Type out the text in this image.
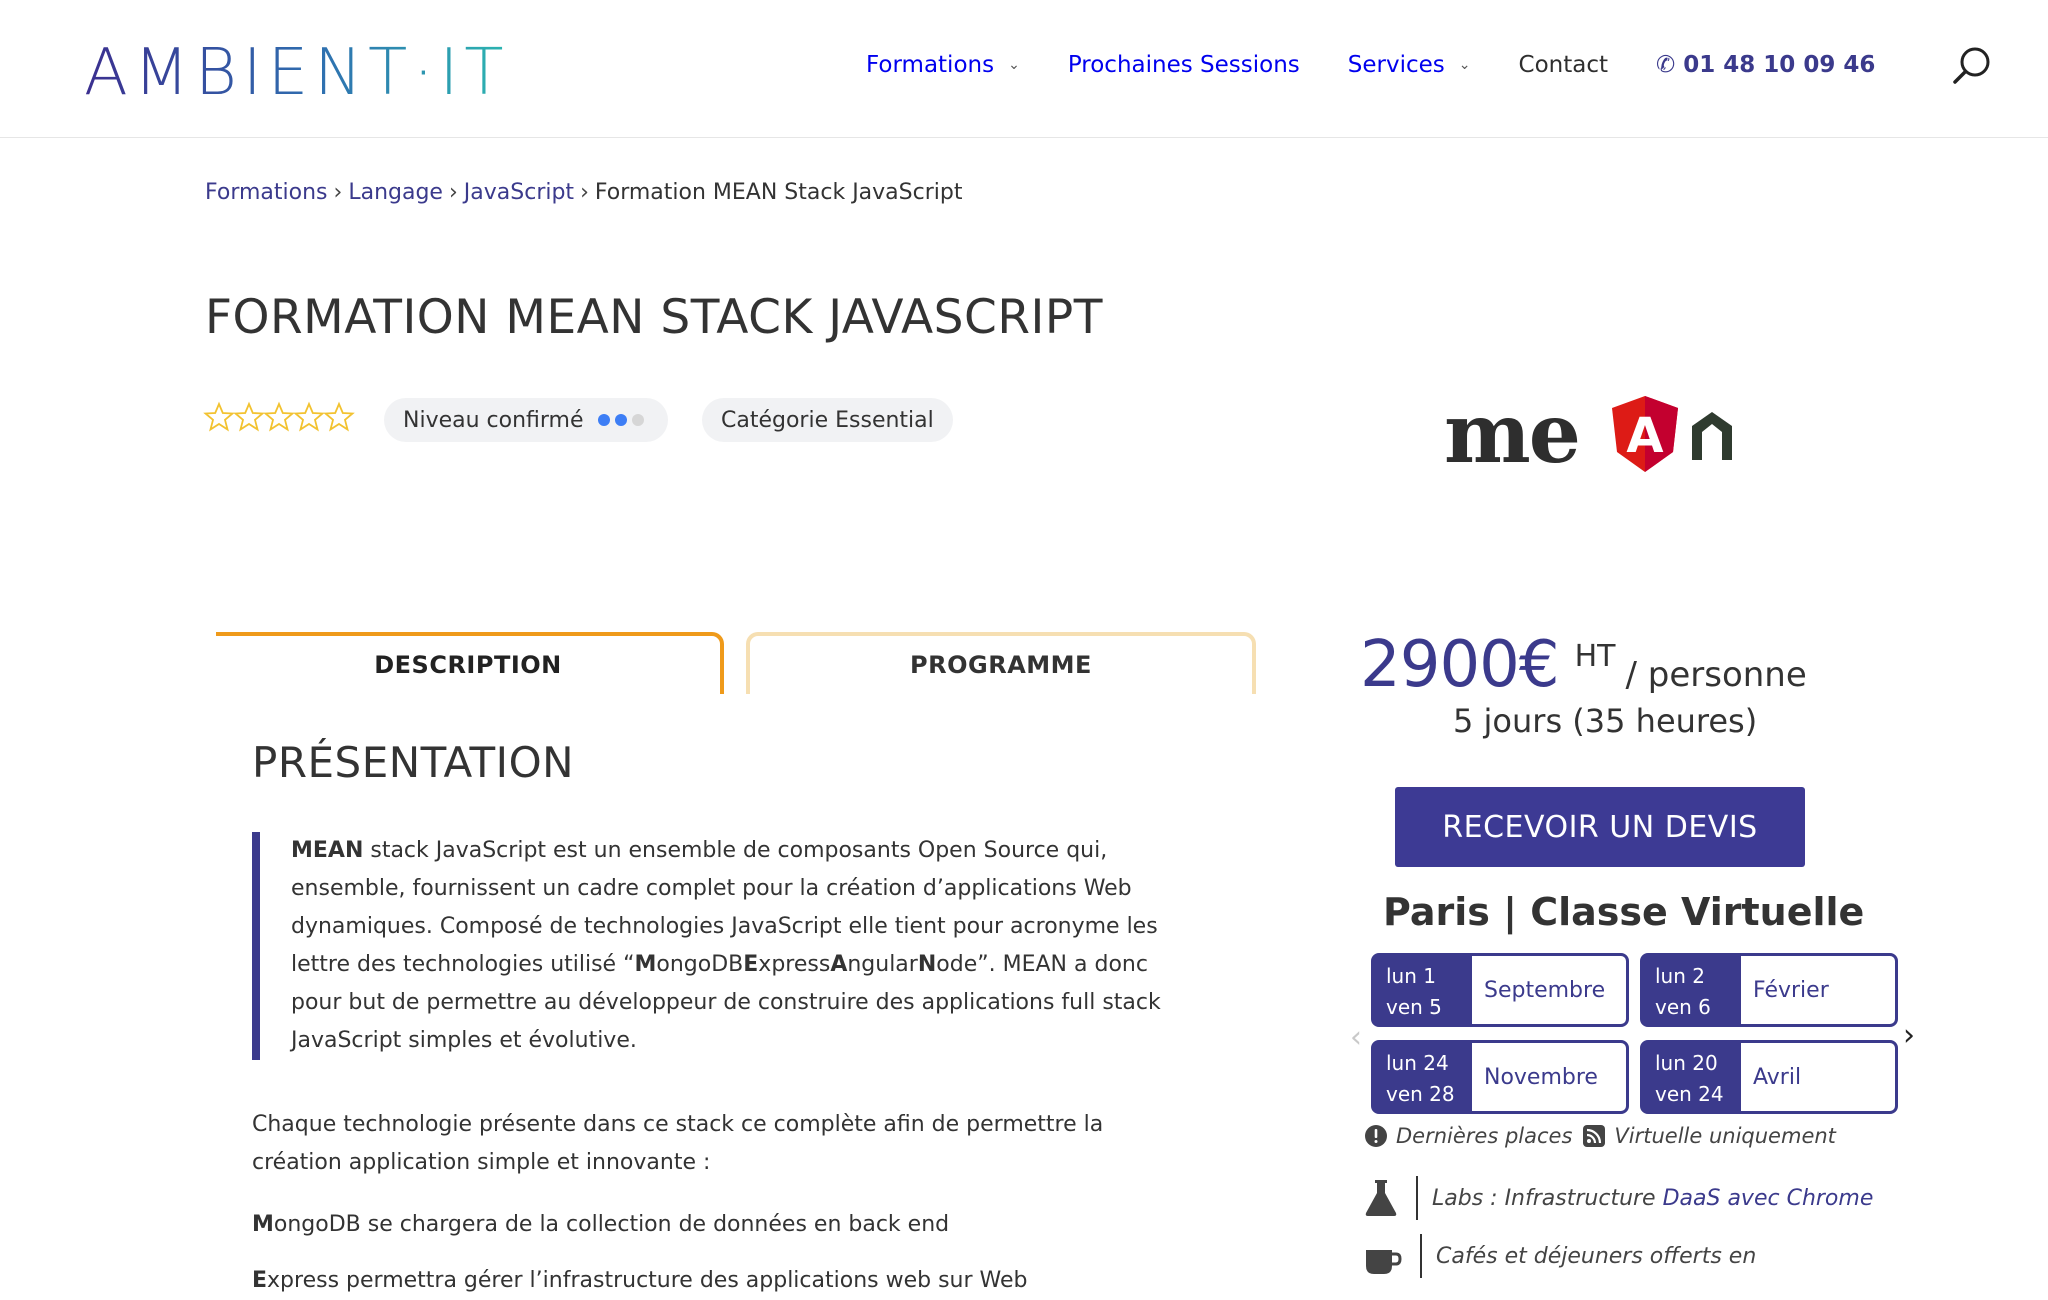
AMBIENT·IT	Formations ⌄ Prochaines Sessions Services ⌄ Contact ✆ 01 48 10 09 46
Formations › Langage › JavaScript › Formation MEAN Stack JavaScript
FORMATION MEAN STACK JAVASCRIPT
Niveau confirmé	Catégorie Essential	me A
DESCRIPTION	PROGRAMME
PRÉSENTATION
MEAN stack JavaScript est un ensemble de composants Open Source qui, ensemble, fournissent un cadre complet pour la création d’applications Web dynamiques. Composé de technologies JavaScript elle tient pour acronyme les lettre des technologies utilisé “MongoDBExpressAngularNode”. MEAN a donc pour but de permettre au développeur de construire des applications full stack JavaScript simples et évolutive.

Chaque technologie présente dans ce stack ce complète afin de permettre la création application simple et innovante :

MongoDB se chargera de la collection de données en back end

Express permettra gérer l’infrastructure des applications web sur Web

2900€ HT / personne
5 jours (35 heures)
RECEVOIR UN DEVIS
Paris | Classe Virtuelle
‹	›
lun 1
ven 5
Septembre
lun 2
ven 6
Février
lun 24
ven 28
Novembre
lun 20
ven 24
Avril
Dernières places Virtuelle uniquement
Labs : Infrastructure DaaS avec Chrome
Cafés et déjeuners offerts en
